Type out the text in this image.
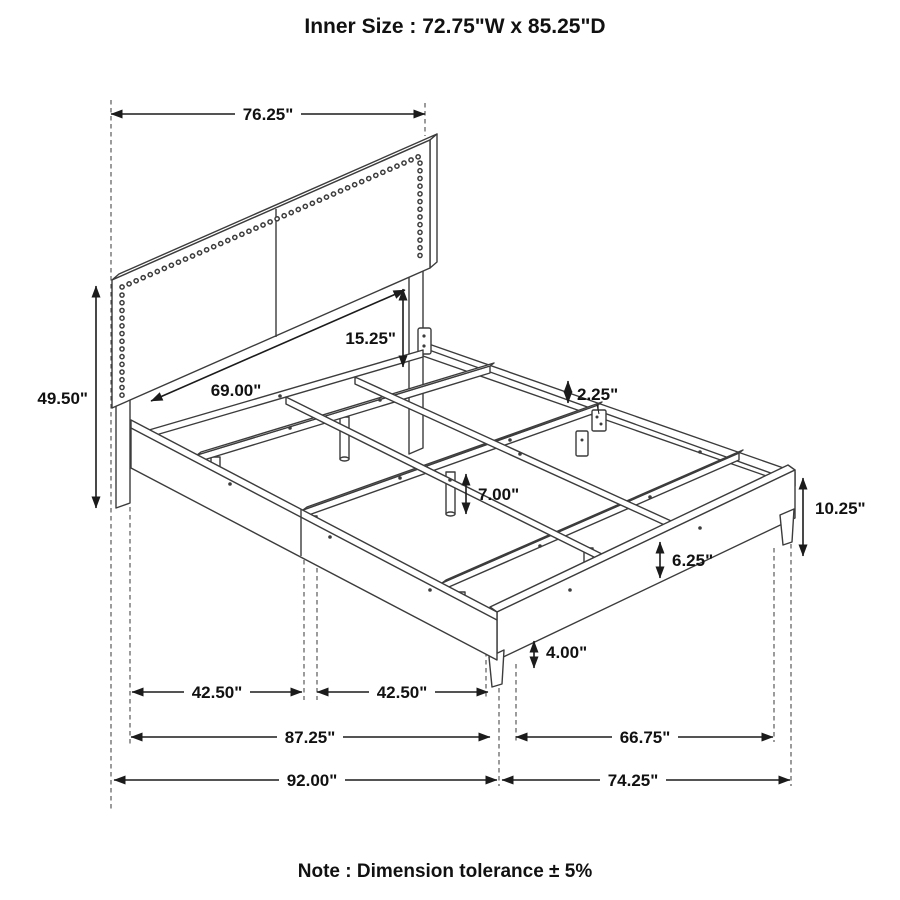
76.25"
49.50"	69.00"
15.25"
2.25"
10.25"
6.25"
7.00"
4.00"
42.50"	42.50"
87.25"	66.75"
92.00"	74.25"
Inner Size : 72.75"W x 85.25"D
Note : Dimension tolerance ± 5%
